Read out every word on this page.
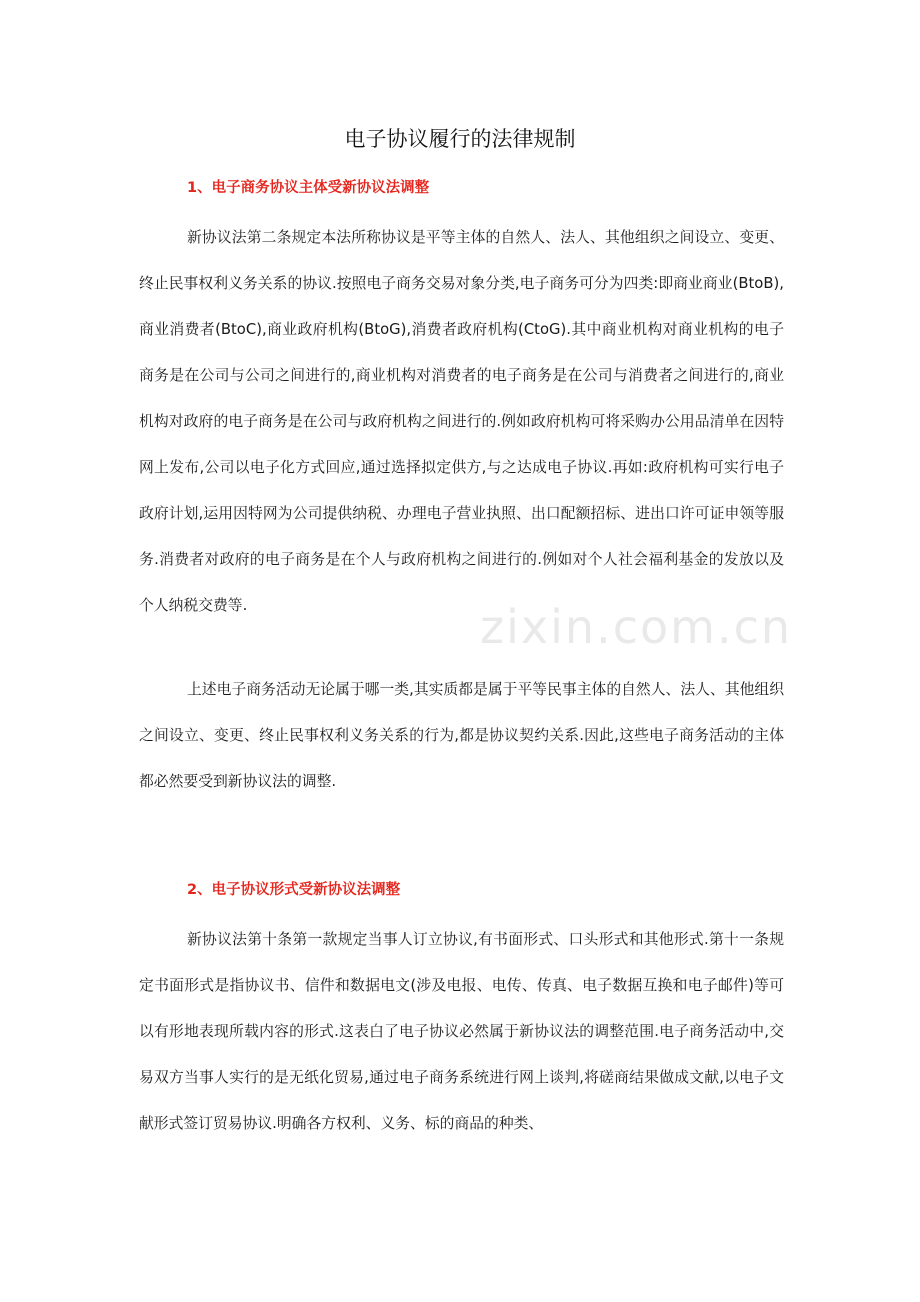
电子协议履行的法律规制
1、电子商务协议主体受新协议法调整

新协议法第二条规定本法所称协议是平等主体的自然人、法人、其他组织之间设立、变更、终止民事权利义务关系的协议.按照电子商务交易对象分类,电子商务可分为四类:即商业商业(BtoB),商业消费者(BtoC),商业政府机构(BtoG),消费者政府机构(CtoG).其中商业机构对商业机构的电子商务是在公司与公司之间进行的,商业机构对消费者的电子商务是在公司与消费者之间进行的,商业机构对政府的电子商务是在公司与政府机构之间进行的.例如政府机构可将采购办公用品清单在因特网上发布,公司以电子化方式回应,通过选择拟定供方,与之达成电子协议.再如:政府机构可实行电子政府计划,运用因特网为公司提供纳税、办理电子营业执照、出口配额招标、进出口许可证申领等服务.消费者对政府的电子商务是在个人与政府机构之间进行的.例如对个人社会福利基金的发放以及个人纳税交费等.

上述电子商务活动无论属于哪一类,其实质都是属于平等民事主体的自然人、法人、其他组织之间设立、变更、终止民事权利义务关系的行为,都是协议契约关系.因此,这些电子商务活动的主体都必然要受到新协议法的调整.

2、电子协议形式受新协议法调整

新协议法第十条第一款规定当事人订立协议,有书面形式、口头形式和其他形式.第十一条规定书面形式是指协议书、信件和数据电文(涉及电报、电传、传真、电子数据互换和电子邮件)等可以有形地表现所载内容的形式.这表白了电子协议必然属于新协议法的调整范围.电子商务活动中,交易双方当事人实行的是无纸化贸易,通过电子商务系统进行网上谈判,将磋商结果做成文献,以电子文献形式签订贸易协议.明确各方权利、义务、标的商品的种类、

zixin.com.cn
